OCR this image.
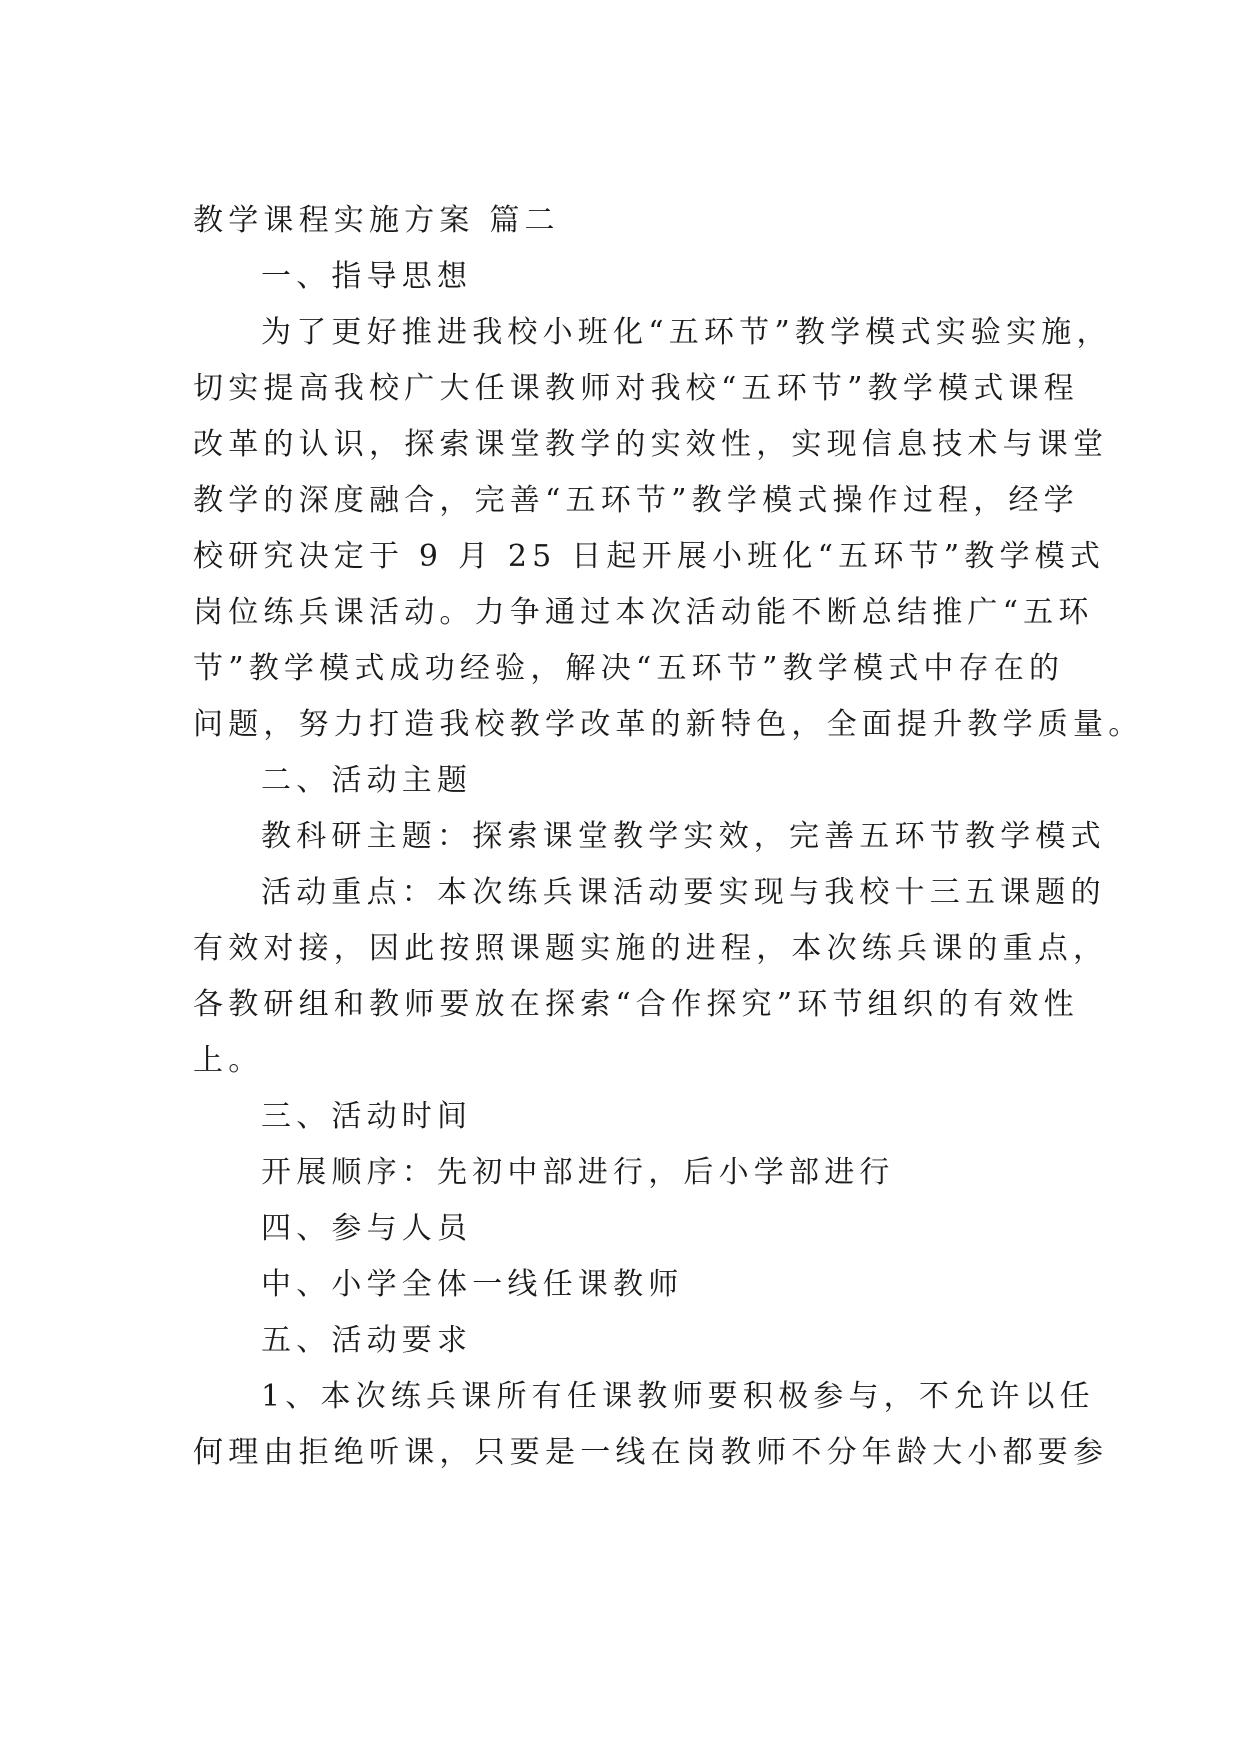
教学课程实施方案 篇二
一、指导思想
为了更好推进我校小班化“五环节”教学模式实验实施，
切实提高我校广大任课教师对我校“五环节”教学模式课程
改革的认识，探索课堂教学的实效性，实现信息技术与课堂
教学的深度融合，完善“五环节”教学模式操作过程，经学
校研究决定于 9 月 25 日起开展小班化“五环节”教学模式
岗位练兵课活动。力争通过本次活动能不断总结推广“五环
节”教学模式成功经验，解决“五环节”教学模式中存在的
问题，努力打造我校教学改革的新特色，全面提升教学质量。
二、活动主题
教科研主题：探索课堂教学实效，完善五环节教学模式
活动重点：本次练兵课活动要实现与我校十三五课题的
有效对接，因此按照课题实施的进程，本次练兵课的重点，
各教研组和教师要放在探索“合作探究”环节组织的有效性
上。
三、活动时间
开展顺序：先初中部进行，后小学部进行
四、参与人员
中、小学全体一线任课教师
五、活动要求
1、本次练兵课所有任课教师要积极参与，不允许以任
何理由拒绝听课，只要是一线在岗教师不分年龄大小都要参
